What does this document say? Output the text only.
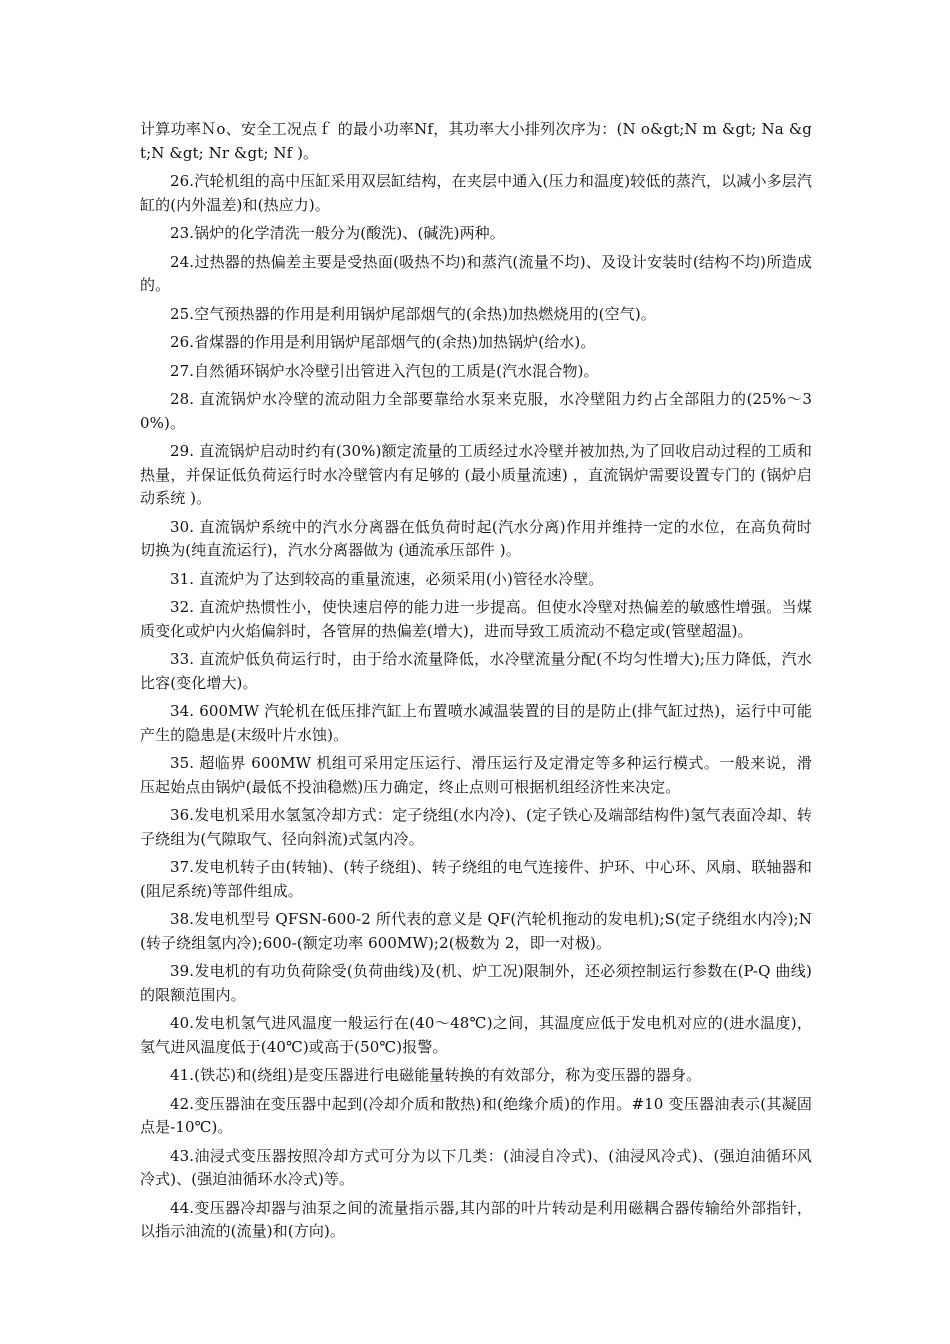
计算功率Ｎo、安全工况点ｆ 的最小功率Nf，其功率大小排列次序为：(N o&gt;N m &gt; Na &gt;N &gt; Nr &gt; Nf )。

26.汽轮机组的高中压缸采用双层缸结构，在夹层中通入(压力和温度)较低的蒸汽，以减小多层汽缸的(内外温差)和(热应力)。

23.锅炉的化学清洗一般分为(酸洗)、(碱洗)两种。

24.过热器的热偏差主要是受热面(吸热不均)和蒸汽(流量不均)、及设计安装时(结构不均)所造成的。

25.空气预热器的作用是利用锅炉尾部烟气的(余热)加热燃烧用的(空气)。

26.省煤器的作用是利用锅炉尾部烟气的(余热)加热锅炉(给水)。

27.自然循环锅炉水冷壁引出管进入汽包的工质是(汽水混合物)。

28. 直流锅炉水冷壁的流动阻力全部要靠给水泵来克服，水冷壁阻力约占全部阻力的(25%～30%)。

29. 直流锅炉启动时约有(30%)额定流量的工质经过水冷壁并被加热,为了回收启动过程的工质和热量，并保证低负荷运行时水冷壁管内有足够的 (最小质量流速) ，直流锅炉需要设置专门的 (锅炉启动系统 )。

30. 直流锅炉系统中的汽水分离器在低负荷时起(汽水分离)作用并维持一定的水位，在高负荷时切换为(纯直流运行)，汽水分离器做为 (通流承压部件 )。

31. 直流炉为了达到较高的重量流速，必须采用(小)管径水冷壁。

32. 直流炉热惯性小，使快速启停的能力进一步提高。但使水冷壁对热偏差的敏感性增强。当煤质变化或炉内火焰偏斜时，各管屏的热偏差(增大)，进而导致工质流动不稳定或(管壁超温)。

33. 直流炉低负荷运行时，由于给水流量降低，水冷壁流量分配(不均匀性增大);压力降低，汽水比容(变化增大)。

34. 600MW 汽轮机在低压排汽缸上布置喷水减温装置的目的是防止(排气缸过热)，运行中可能产生的隐患是(末级叶片水蚀)。

35. 超临界 600MW 机组可采用定压运行、滑压运行及定滑定等多种运行模式。一般来说，滑压起始点由锅炉(最低不投油稳燃)压力确定，终止点则可根据机组经济性来决定。

36.发电机采用水氢氢冷却方式：定子绕组(水内冷)、(定子铁心及端部结构件)氢气表面冷却、转子绕组为(气隙取气、径向斜流)式氢内冷。

37.发电机转子由(转轴)、(转子绕组)、转子绕组的电气连接件、护环、中心环、风扇、联轴器和(阻尼系统)等部件组成。

38.发电机型号 QFSN-600-2 所代表的意义是 QF(汽轮机拖动的发电机);S(定子绕组水内冷);N(转子绕组氢内冷);600-(额定功率 600MW);2(极数为 2，即一对极)。

39.发电机的有功负荷除受(负荷曲线)及(机、炉工况)限制外，还必须控制运行参数在(P-Q 曲线)的限额范围内。

40.发电机氢气进风温度一般运行在(40～48℃)之间，其温度应低于发电机对应的(进水温度)，氢气进风温度低于(40℃)或高于(50℃)报警。

41.(铁芯)和(绕组)是变压器进行电磁能量转换的有效部分，称为变压器的器身。

42.变压器油在变压器中起到(冷却介质和散热)和(绝缘介质)的作用。#10 变压器油表示(其凝固点是-10℃)。

43.油浸式变压器按照冷却方式可分为以下几类：(油浸自冷式)、(油浸风冷式)、(强迫油循环风冷式)、(强迫油循环水冷式)等。

44.变压器冷却器与油泵之间的流量指示器,其内部的叶片转动是利用磁耦合器传输给外部指针，以指示油流的(流量)和(方向)。
